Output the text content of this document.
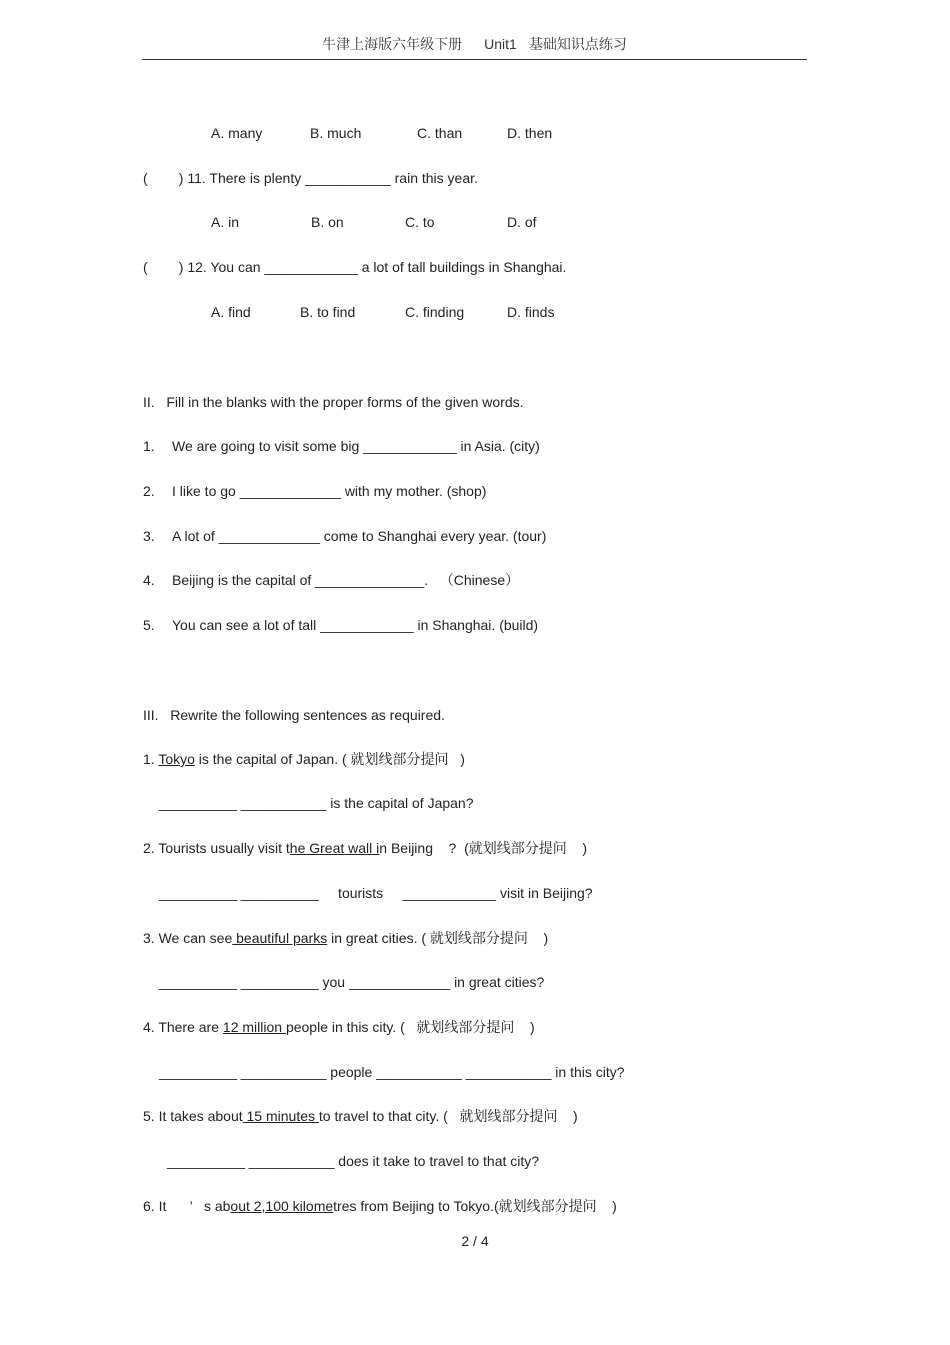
牛津上海版六年级下册 Unit1 基础知识点练习
A. many	B. much	C. than	D. then
(        ) 11. There is plenty ___________ rain this year.
A. in	B. on	C. to	D. of
(        ) 12. You can ____________ a lot of tall buildings in Shanghai.
A. find	B. to find	C. finding	D. finds
II.   Fill in the blanks with the proper forms of the given words.
1. We are going to visit some big ____________ in Asia. (city)
2. I like to go _____________ with my mother. (shop)
3. A lot of _____________ come to Shanghai every year. (tour)
4. Beijing is the capital of ______________.   （Chinese）
5. You can see a lot of tall ____________ in Shanghai. (build)
III.   Rewrite the following sentences as required.
1. Tokyo is the capital of Japan. ( 就划线部分提问   )
__________ ___________ is the capital of Japan?
2. Tourists usually visit the Great wall in Beijing    ?  (就划线部分提问    )
__________ __________     tourists     ____________ visit in Beijing?
3. We can see beautiful parks in great cities. ( 就划线部分提问    )
__________ __________ you _____________ in great cities?
4. There are 12 million people in this city. (   就划线部分提问    )
__________ ___________ people ___________ ___________ in this city?
5. It takes about 15 minutes to travel to that city. (   就划线部分提问    )
__________ ___________ does it take to travel to that city?
6. It      ’   s about 2,100 kilometres from Beijing to Tokyo.(就划线部分提问    )
2 / 4
